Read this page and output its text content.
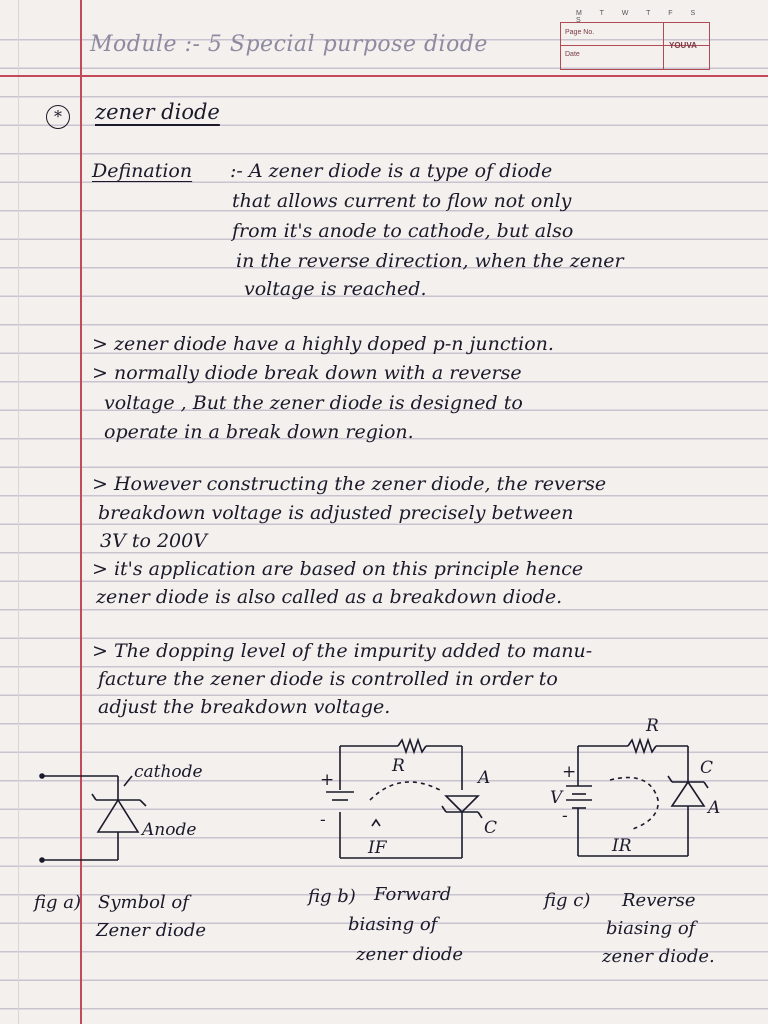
Module :- 5 Special purpose diode
M T W T F S S
Page No.
Date
YOUVA
*	zener diode
Defination :- A zener diode is a type of diode
that allows current to flow not only
from it's anode to cathode, but also
in the reverse direction, when the zener
voltage is reached.
> zener diode have a highly doped p-n junction.
> normally diode break down with a reverse
voltage , But the zener diode is designed to
operate in a break down region.
> However constructing the zener diode, the reverse
breakdown voltage is adjusted precisely between
3V to 200V
> it's application are based on this principle hence
zener diode is also called as a breakdown diode.
> The dopping level of the impurity added to manu-
facture the zener diode is controlled in order to
adjust the breakdown voltage.
cathode
Anode
R
A
C
IF
+
-
R
C
A
IR
V
+
-
fig a) Symbol of
Zener diode
fig b) Forward
biasing of
zener diode
fig c) Reverse
biasing of
zener diode.
